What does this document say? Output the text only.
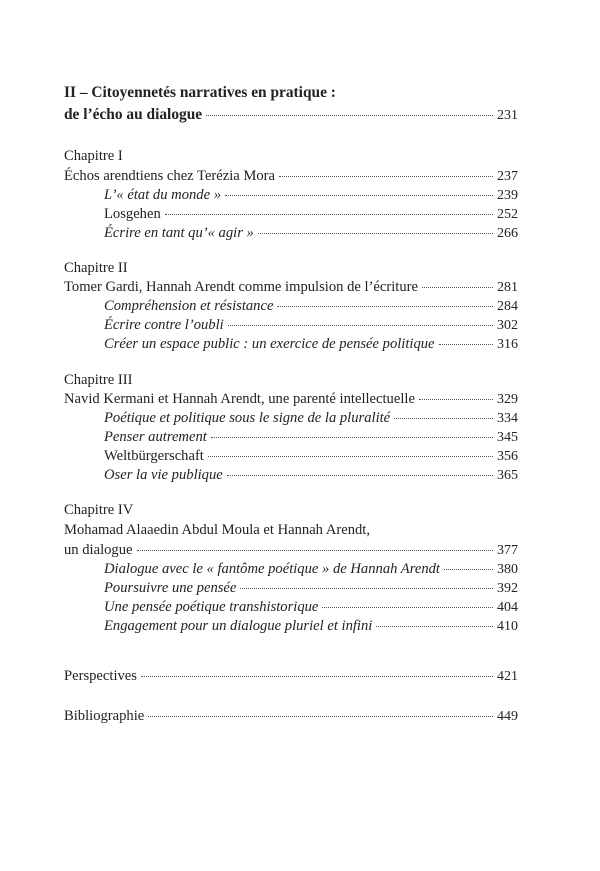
II – Citoyennetés narratives en pratique :
de l’écho au dialogue	231
Chapitre I
Échos arendtiens chez Terézia Mora	237
L’« état du monde »	239
Losgehen	252
Écrire en tant qu’« agir »	266
Chapitre II
Tomer Gardi, Hannah Arendt comme impulsion de l’écriture	281
Compréhension et résistance	284
Écrire contre l’oubli	302
Créer un espace public : un exercice de pensée politique	316
Chapitre III
Navid Kermani et Hannah Arendt, une parenté intellectuelle	329
Poétique et politique sous le signe de la pluralité	334
Penser autrement	345
Weltbürgerschaft	356
Oser la vie publique	365
Chapitre IV
Mohamad Alaaedin Abdul Moula et Hannah Arendt,
un dialogue	377
Dialogue avec le « fantôme poétique » de Hannah Arendt	380
Poursuivre une pensée	392
Une pensée poétique transhistorique	404
Engagement pour un dialogue pluriel et infini	410
Perspectives	421
Bibliographie	449
